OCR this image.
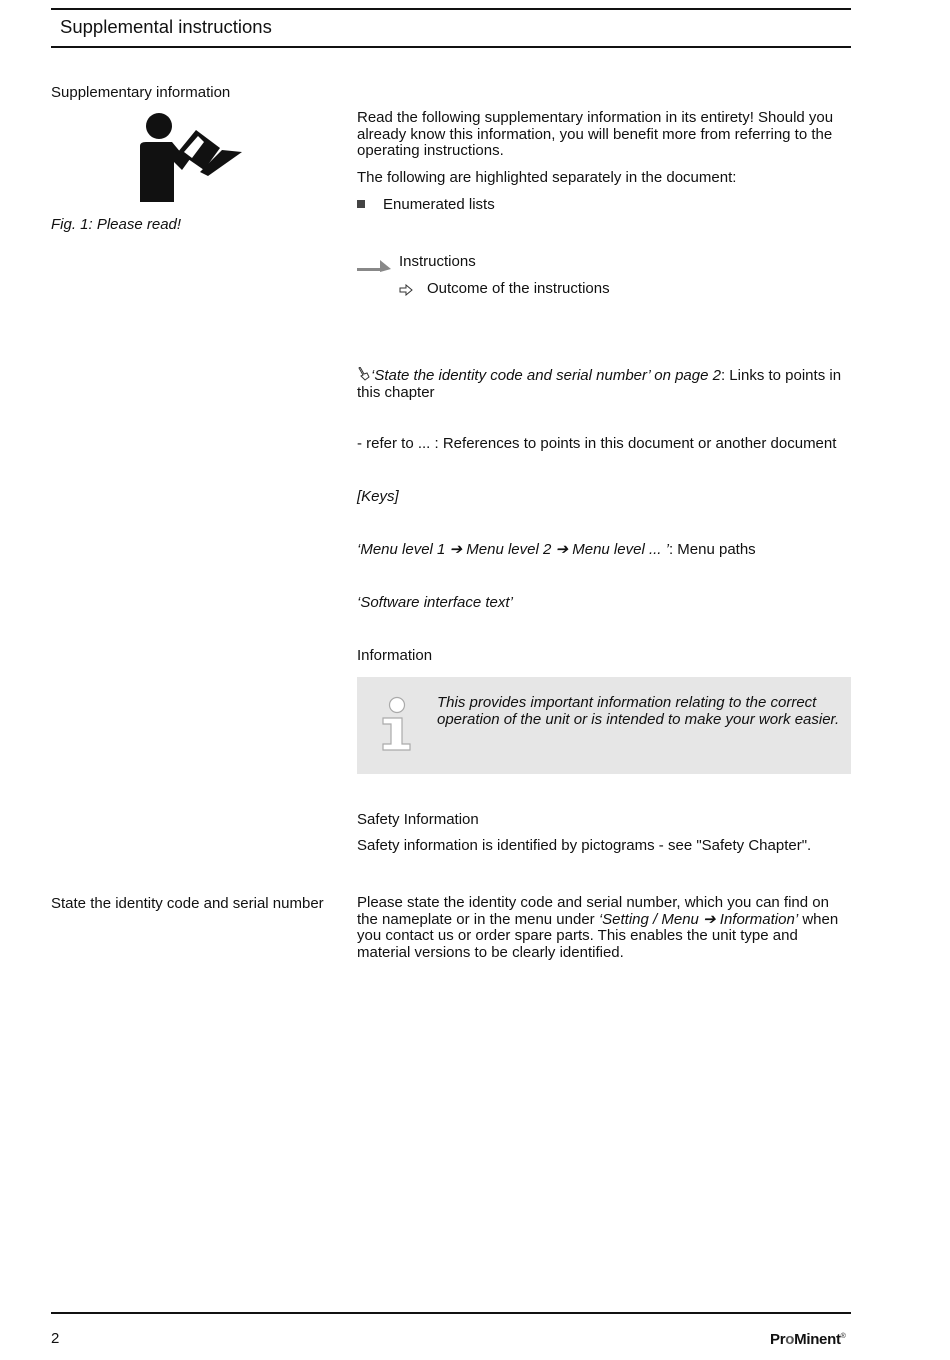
Supplemental instructions
Supplementary information
Fig. 1: Please read!
Read the following supplementary information in its entirety! Should you already know this information, you will benefit more from referring to the operating instructions.
The following are highlighted separately in the document:
Enumerated lists
Instructions
Outcome of the instructions
‘State the identity code and serial number’ on page 2: Links to points in this chapter
- refer to ... : References to points in this document or another document
[Keys]
‘Menu level 1 ➔ Menu level 2 ➔ Menu level ... ’: Menu paths
‘Software interface text’
Information
This provides important information relating to the correct operation of the unit or is intended to make your work easier.
Safety Information
Safety information is identified by pictograms - see "Safety Chapter".
State the identity code and serial number Please state the identity code and serial number, which you can find on the nameplate or in the menu under ‘Setting / Menu ➔ Information’ when you contact us or order spare parts. This enables the unit type and material versions to be clearly identified.
2	ProMinent®
